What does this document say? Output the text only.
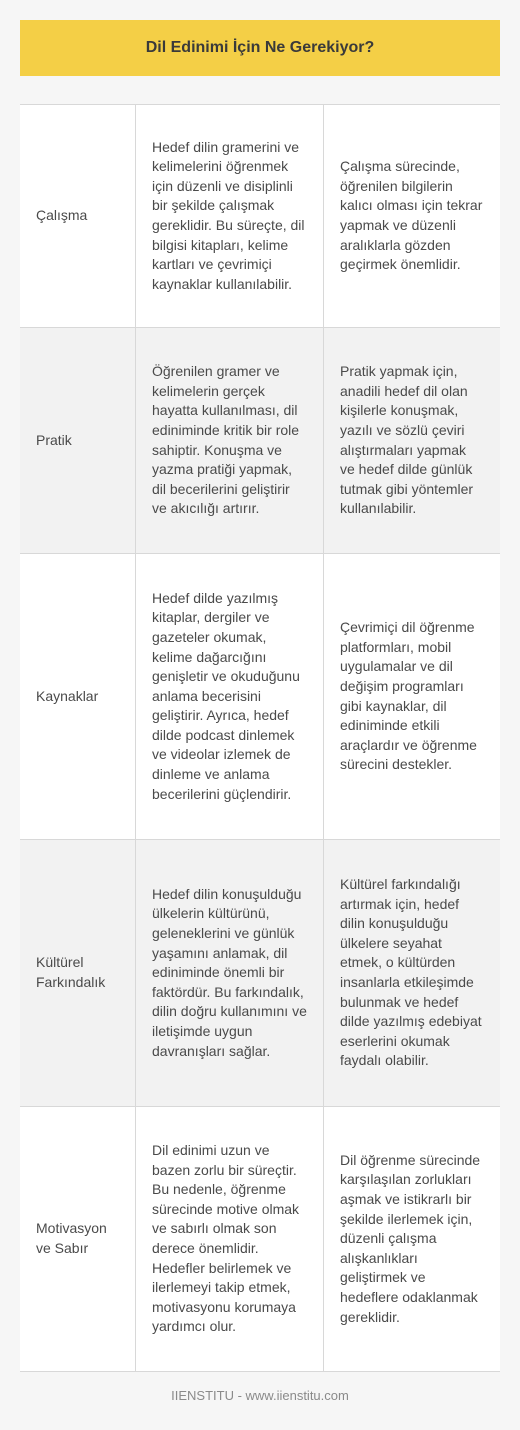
Dil Edinimi İçin Ne Gerekiyor?
Çalışma
Hedef dilin gramerini ve kelimelerini öğrenmek için düzenli ve disiplinli bir şekilde çalışmak gereklidir. Bu süreçte, dil bilgisi kitapları, kelime kartları ve çevrimiçi kaynaklar kullanılabilir.
Çalışma sürecinde, öğrenilen bilgilerin kalıcı olması için tekrar yapmak ve düzenli aralıklarla gözden geçirmek önemlidir.
Pratik
Öğrenilen gramer ve kelimelerin gerçek hayatta kullanılması, dil ediniminde kritik bir role sahiptir. Konuşma ve yazma pratiği yapmak, dil becerilerini geliştirir ve akıcılığı artırır.
Pratik yapmak için, anadili hedef dil olan kişilerle konuşmak, yazılı ve sözlü çeviri alıştırmaları yapmak ve hedef dilde günlük tutmak gibi yöntemler kullanılabilir.
Kaynaklar
Hedef dilde yazılmış kitaplar, dergiler ve gazeteler okumak, kelime dağarcığını genişletir ve okuduğunu anlama becerisini geliştirir. Ayrıca, hedef dilde podcast dinlemek ve videolar izlemek de dinleme ve anlama becerilerini güçlendirir.
Çevrimiçi dil öğrenme platformları, mobil uygulamalar ve dil değişim programları gibi kaynaklar, dil ediniminde etkili araçlardır ve öğrenme sürecini destekler.
Kültürel Farkındalık
Hedef dilin konuşulduğu ülkelerin kültürünü, geleneklerini ve günlük yaşamını anlamak, dil ediniminde önemli bir faktördür. Bu farkındalık, dilin doğru kullanımını ve iletişimde uygun davranışları sağlar.
Kültürel farkındalığı artırmak için, hedef dilin konuşulduğu ülkelere seyahat etmek, o kültürden insanlarla etkileşimde bulunmak ve hedef dilde yazılmış edebiyat eserlerini okumak faydalı olabilir.
Motivasyon ve Sabır
Dil edinimi uzun ve bazen zorlu bir süreçtir. Bu nedenle, öğrenme sürecinde motive olmak ve sabırlı olmak son derece önemlidir. Hedefler belirlemek ve ilerlemeyi takip etmek, motivasyonu korumaya yardımcı olur.
Dil öğrenme sürecinde karşılaşılan zorlukları aşmak ve istikrarlı bir şekilde ilerlemek için, düzenli çalışma alışkanlıkları geliştirmek ve hedeflere odaklanmak gereklidir.
IIENSTITU - www.iienstitu.com
